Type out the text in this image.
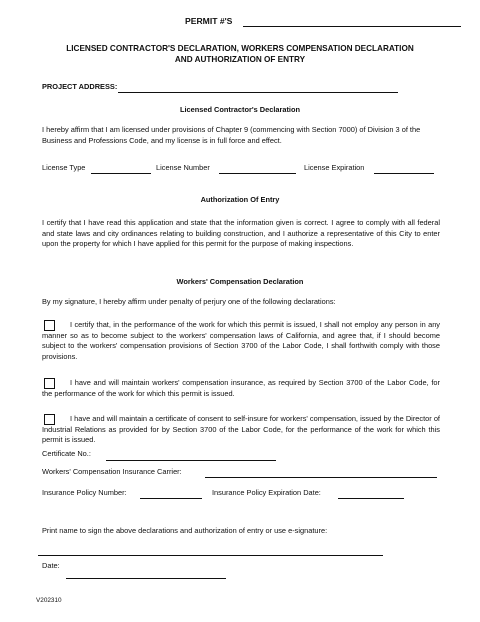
PERMIT #'S
LICENSED CONTRACTOR'S DECLARATION, WORKERS COMPENSATION DECLARATION
AND AUTHORIZATION OF ENTRY
PROJECT ADDRESS:
Licensed Contractor's Declaration
I hereby affirm that I am licensed under provisions of Chapter 9 (commencing with Section 7000) of Division 3 of the Business and Professions Code, and my license is in full force and effect.
License Type	License Number	License Expiration
Authorization Of Entry
I certify that I have read this application and state that the information given is correct. I agree to comply with all federal and state laws and city ordinances relating to building construction, and I authorize a representative of this City to enter upon the property for which I have applied for this permit for the purpose of making inspections.
Workers' Compensation Declaration
By my signature, I hereby affirm under penalty of perjury one of the following declarations:
I certify that, in the performance of the work for which this permit is issued, I shall not employ any person in any manner so as to become subject to the workers' compensation laws of California, and agree that, if I should become subject to the workers' compensation provisions of Section 3700 of the Labor Code, I shall forthwith comply with those provisions.
I have and will maintain workers' compensation insurance, as required by Section 3700 of the Labor Code, for the performance of the work for which this permit is issued.
I have and will maintain a certificate of consent to self-insure for workers' compensation, issued by the Director of Industrial Relations as provided for by Section 3700 of the Labor Code, for the performance of the work for which this permit is issued.
Certificate No.:
Workers' Compensation Insurance Carrier:
Insurance Policy Number:	Insurance Policy Expiration Date:
Print name to sign the above declarations and authorization of entry or use e-signature:
Date:
V202310
